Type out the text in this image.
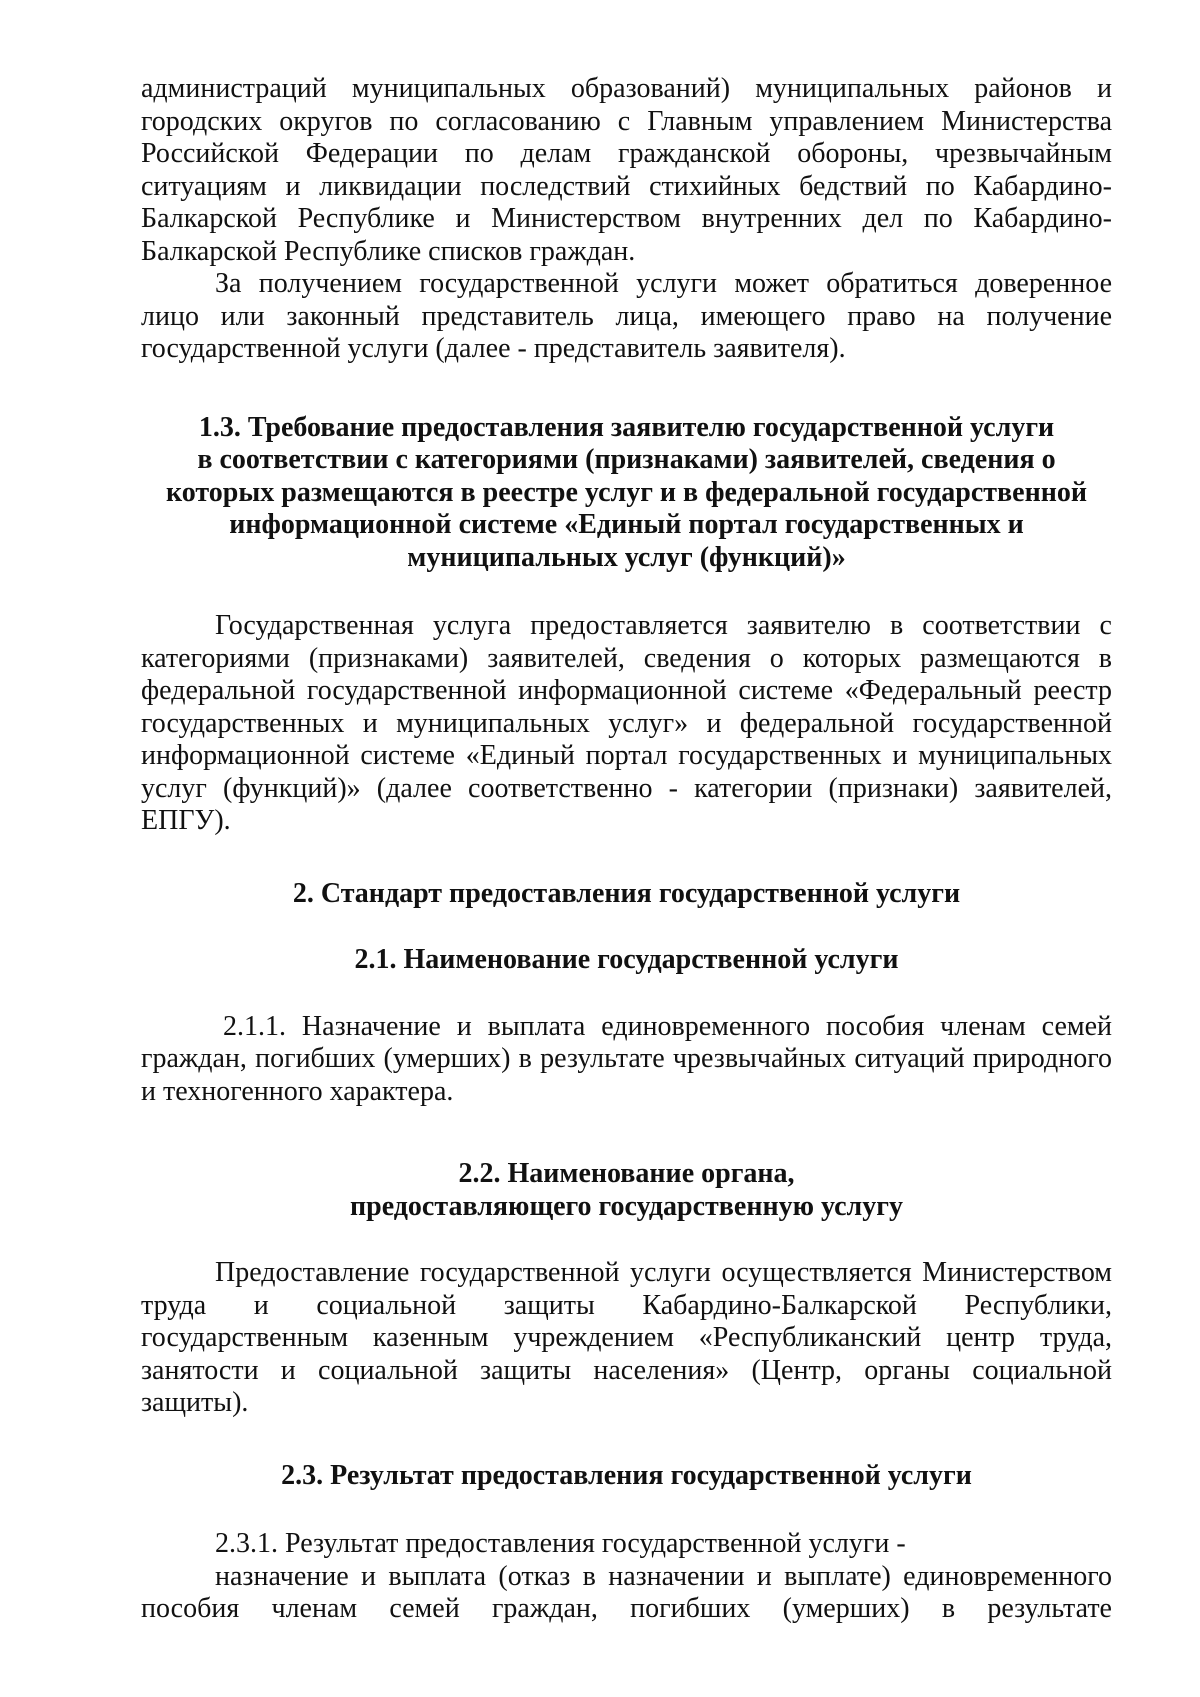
администраций муниципальных образований) муниципальных районов и городских округов по согласованию с Главным управлением Министерства Российской Федерации по делам гражданской обороны, чрезвычайным ситуациям и ликвидации последствий стихийных бедствий по Кабардино-Балкарской Республике и Министерством внутренних дел по Кабардино-Балкарской Республике списков граждан.

За получением государственной услуги может обратиться доверенное лицо или законный представитель лица, имеющего право на получение государственной услуги (далее - представитель заявителя).

1.3. Требование предоставления заявителю государственной услуги
в соответствии с категориями (признаками) заявителей, сведения о
которых размещаются в реестре услуг и в федеральной государственной
информационной системе «Единый портал государственных и
муниципальных услуг (функций)»

Государственная услуга предоставляется заявителю в соответствии с категориями (признаками) заявителей, сведения о которых размещаются в федеральной государственной информационной системе «Федеральный реестр государственных и муниципальных услуг» и федеральной государственной информационной системе «Единый портал государственных и муниципальных услуг (функций)» (далее соответственно - категории (признаки) заявителей, ЕПГУ).

2. Стандарт предоставления государственной услуги
2.1. Наименование государственной услуги

2.1.1. Назначение и выплата единовременного пособия членам семей граждан, погибших (умерших) в результате чрезвычайных ситуаций природного и техногенного характера.

2.2. Наименование органа,
предоставляющего государственную услугу

Предоставление государственной услуги осуществляется Министерством труда и социальной защиты Кабардино-Балкарской Республики, государственным казенным учреждением «Республиканский центр труда, занятости и социальной защиты населения» (Центр, органы социальной защиты).

2.3. Результат предоставления государственной услуги

2.3.1. Результат предоставления государственной услуги -

назначение и выплата (отказ в назначении и выплате) единовременного

пособия членам семей граждан, погибших (умерших) в результате
